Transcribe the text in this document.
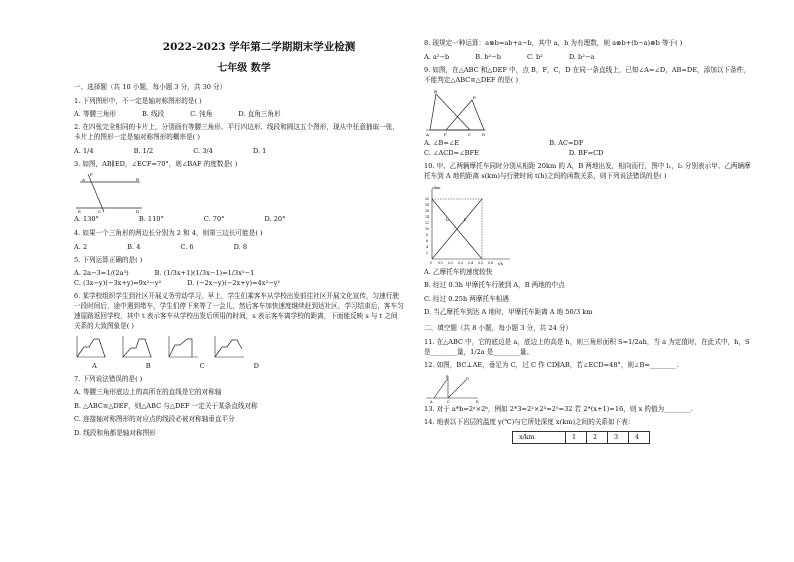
2022-2023 学年第二学期期末学业检测
七年级 数学

一、选择题（共 10 小题，每小题 3 分，共 30 分）

1. 下列图形中，不一定是轴对称图形的是( )

A. 等腰三角形	B. 线段	C. 钝角	D. 直角三角形

2. 在四张完全相同的卡片上，分别画有等腰三角形、平行四边形、线段和圆这五个图形，现从中任意抽取一张，卡片上的图形一定是轴对称图形的概率是( )

A. 1/4	B. 1/2	C. 3/4	D. 1

3. 如图，AB∥ED，∠ECF=70°，则∠BAF 的度数是( )

A	B
E	C	D
F
A. 130°	B. 110°	C. 70°	D. 20°

4. 如果一个三角形的两边长分别为 2 和 4，则第三边长可能是( )

A. 2	B. 4	C. 6	D. 8

5. 下列运算正确的是( )

A. 2a−3=1/(2a³)	B. (1/3x+1)(1/3x−1)=1/3x²−1
C. (3x−y)(−3x+y)=9x²−y²	D. (−2x−y)(−2x+y)=4x²−y²

6. 某学校组织学生到社区开展义务劳动学习，早上，学生们乘客车从学校出发前往社区开展文化宣传，匀速行驶一段时间后，途中遇到堵车，学生们停下来等了一会儿，然后客车加快速度继续赶到达社区，学习结束后，客车匀速原路返回学校，其中 t 表示客车从学校出发后所用的时间，s 表示客车离学校的距离，下面能反映 s 与 t 之间关系的大致图象是( )

A	B	C	D

7. 下列说法错误的是( )

A. 等腰三角形底边上的高所在的直线是它的对称轴

B. △ABC≌△DEF，则△ABC 与△DEF 一定关于某条直线对称

C. 连接轴对称图形的对应点的线段必被对称轴垂直平分

D. 线段和角都是轴对称图形

8. 现规定一种运算：a⊗b=ab+a−b，其中 a，b 为有理数，则 a⊗b+(b−a)⊗b 等于( )

A. a²−b	B. b²−b	C. b²	D. b²−a

9. 如图，在△ABC 和△DEF 中，点 B，F，C，D 在同一条直线上，已知∠A=∠D，AB=DE，添加以下条件，不能判定△ABC≌△DEF 的是( )

B
A	F	C	D
E
A. ∠B=∠E	B. AC=DF
C. ∠ACD=∠BFE	D. BF=CD

10. 甲、乙两辆摩托车同时分别从相距 20km 的 A，B 两地出发，相向而行，图中 l₁，l₂ 分别表示甲、乙两辆摩托车到 A 地的距离 s(km)与行驶时间 t(h)之间的函数关系，则下列说法错误的是( )

s/km
t/h
20
18
16
14
12
10
8
6
4
2
0 0.1 0.2 0.3 0.4 0.5 0.6
l₁	l₂

A. 乙摩托车的速度较快

B. 经过 0.3h 甲摩托车行驶到 A，B 两地的中点

C. 经过 0.25h 两摩托车相遇

D. 当乙摩托车到达 A 地时，甲摩托车距离 A 地 50/3 km

二、填空题（共 8 小题，每小题 3 分，共 24 分）

11. 在△ABC 中，它的底边是 a，底边上的高是 h，则三角形面积 S=1/2ah，当 a 为定值时，在此式中，h，S 是________量，1/2a 是________量。

12. 如图，BC⊥AE，垂足为 C，过 C 作 CD∥AB，若∠ECD=48°，则∠B=________.

B
A	C	E
D

13. 对于 a*b=2ᵃ×2ᵇ，例如 2*3=2²×2³=2⁵=32 若 2*(x+1)=16，则 x 的值为________.

14. 地表以下岩层的温度 y(℃)与它所处深度 x(km)之间的关系如下表：

x/km	1	2	3	4
